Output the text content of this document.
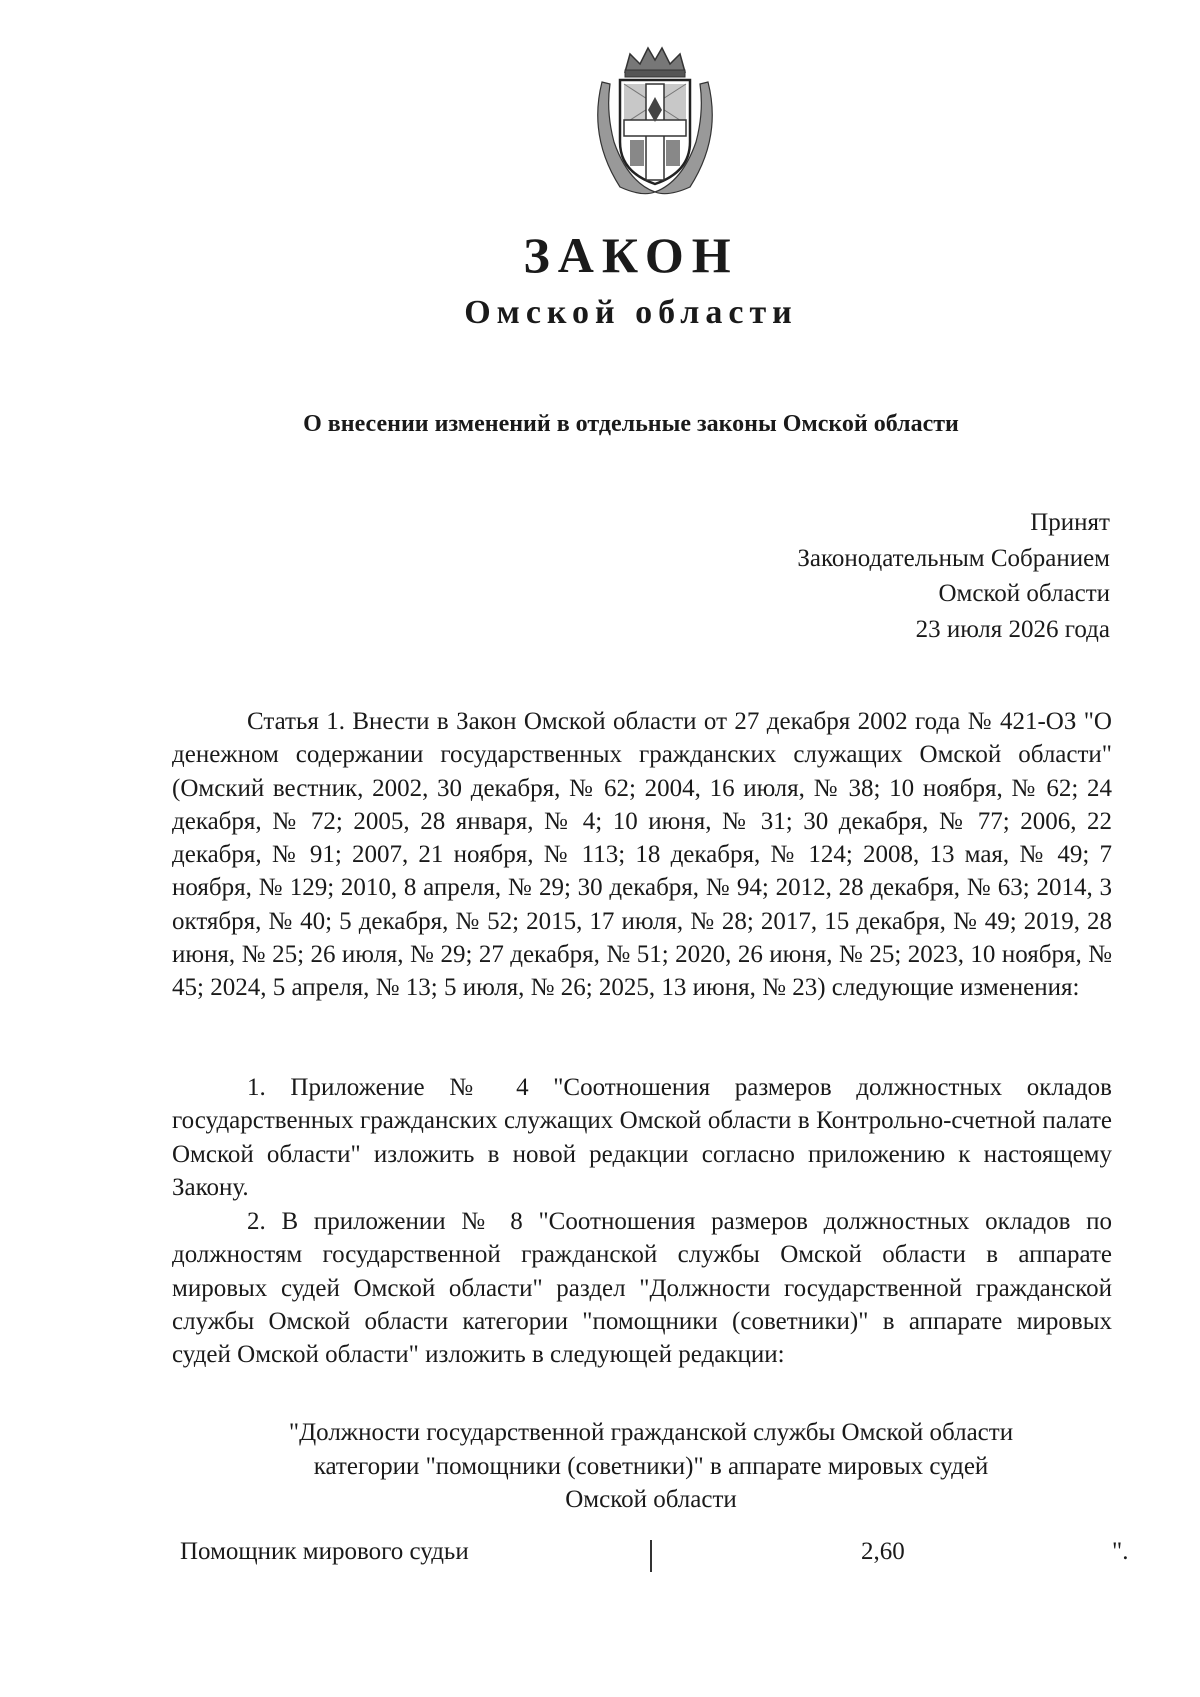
ЗАКОН
Омской области
О внесении изменений в отдельные законы Омской области
Принят
Законодательным Собранием
Омской области
23 июля 2026 года

Статья 1. Внести в Закон Омской области от 27 декабря 2002 года № 421-ОЗ "О денежном содержании государственных гражданских служащих Омской области" (Омский вестник, 2002, 30 декабря, № 62; 2004, 16 июля, № 38; 10 ноября, № 62; 24 декабря, № 72; 2005, 28 января, № 4; 10 июня, № 31; 30 декабря, № 77; 2006, 22 декабря, № 91; 2007, 21 ноября, № 113; 18 декабря, № 124; 2008, 13 мая, № 49; 7 ноября, № 129; 2010, 8 апреля, № 29; 30 декабря, № 94; 2012, 28 декабря, № 63; 2014, 3 октября, № 40; 5 декабря, № 52; 2015, 17 июля, № 28; 2017, 15 декабря, № 49; 2019, 28 июня, № 25; 26 июля, № 29; 27 декабря, № 51; 2020, 26 июня, № 25; 2023, 10 ноября, № 45; 2024, 5 апреля, № 13; 5 июля, № 26; 2025, 13 июня, № 23) следующие изменения:

1. Приложение № 4 "Соотношения размеров должностных окладов государственных гражданских служащих Омской области в Контрольно-счетной палате Омской области" изложить в новой редакции согласно приложению к настоящему Закону.

2. В приложении № 8 "Соотношения размеров должностных окладов по должностям государственной гражданской службы Омской области в аппарате мировых судей Омской области" раздел "Должности государственной гражданской службы Омской области категории "помощники (советники)" в аппарате мировых судей Омской области" изложить в следующей редакции:

"Должности государственной гражданской службы Омской области
категории "помощники (советники)" в аппарате мировых судей
Омской области
Помощник мирового судьи	2,60	".
